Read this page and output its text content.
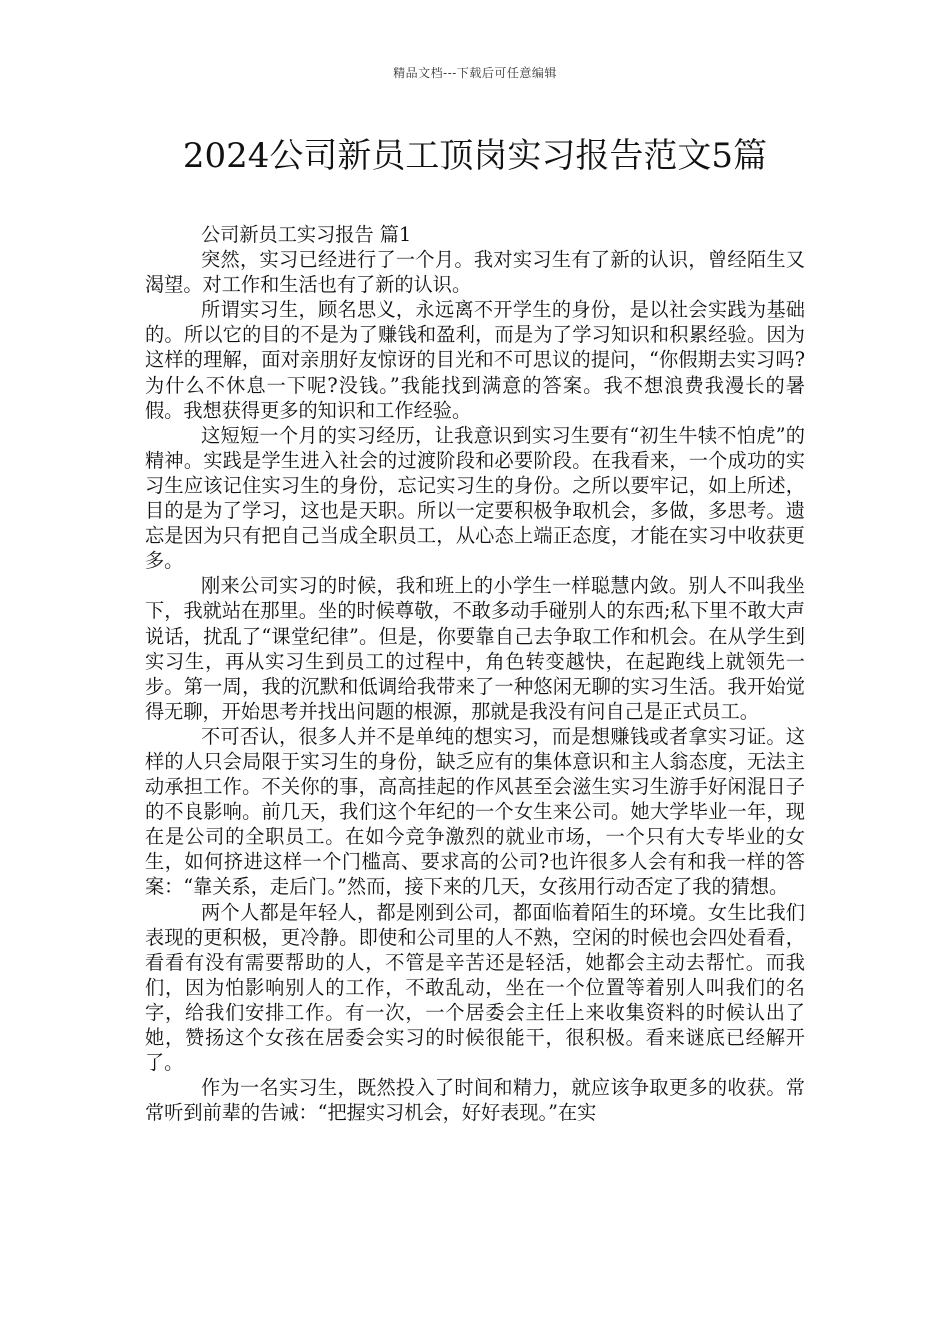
精品文档---下载后可任意编辑
2024公司新员工顶岗实习报告范文5篇

公司新员工实习报告 篇1

突然，实习已经进行了一个月。我对实习生有了新的认识，曾经陌生又渴望。对工作和生活也有了新的认识。

所谓实习生，顾名思义，永远离不开学生的身份，是以社会实践为基础的。所以它的目的不是为了赚钱和盈利，而是为了学习知识和积累经验。因为这样的理解，面对亲朋好友惊讶的目光和不可思议的提问，“你假期去实习吗?为什么不休息一下呢?没钱。”我能找到满意的答案。我不想浪费我漫长的暑假。我想获得更多的知识和工作经验。

这短短一个月的实习经历，让我意识到实习生要有“初生牛犊不怕虎”的精神。实践是学生进入社会的过渡阶段和必要阶段。在我看来，一个成功的实习生应该记住实习生的身份，忘记实习生的身份。之所以要牢记，如上所述，目的是为了学习，这也是天职。所以一定要积极争取机会，多做，多思考。遗忘是因为只有把自己当成全职员工，从心态上端正态度，才能在实习中收获更多。

刚来公司实习的时候，我和班上的小学生一样聪慧内敛。别人不叫我坐下，我就站在那里。坐的时候尊敬，不敢多动手碰别人的东西;私下里不敢大声说话，扰乱了“课堂纪律”。但是，你要靠自己去争取工作和机会。在从学生到实习生，再从实习生到员工的过程中，角色转变越快，在起跑线上就领先一步。第一周，我的沉默和低调给我带来了一种悠闲无聊的实习生活。我开始觉得无聊，开始思考并找出问题的根源，那就是我没有问自己是正式员工。

不可否认，很多人并不是单纯的想实习，而是想赚钱或者拿实习证。这样的人只会局限于实习生的身份，缺乏应有的集体意识和主人翁态度，无法主动承担工作。不关你的事，高高挂起的作风甚至会滋生实习生游手好闲混日子的不良影响。前几天，我们这个年纪的一个女生来公司。她大学毕业一年，现在是公司的全职员工。在如今竞争激烈的就业市场，一个只有大专毕业的女生，如何挤进这样一个门槛高、要求高的公司?也许很多人会有和我一样的答案：“靠关系，走后门。”然而，接下来的几天，女孩用行动否定了我的猜想。

两个人都是年轻人，都是刚到公司，都面临着陌生的环境。女生比我们表现的更积极，更冷静。即使和公司里的人不熟，空闲的时候也会四处看看，看看有没有需要帮助的人，不管是辛苦还是轻活，她都会主动去帮忙。而我们，因为怕影响别人的工作，不敢乱动，坐在一个位置等着别人叫我们的名字，给我们安排工作。有一次，一个居委会主任上来收集资料的时候认出了她，赞扬这个女孩在居委会实习的时候很能干，很积极。看来谜底已经解开了。

作为一名实习生，既然投入了时间和精力，就应该争取更多的收获。常常听到前辈的告诫：“把握实习机会，好好表现。”在实
